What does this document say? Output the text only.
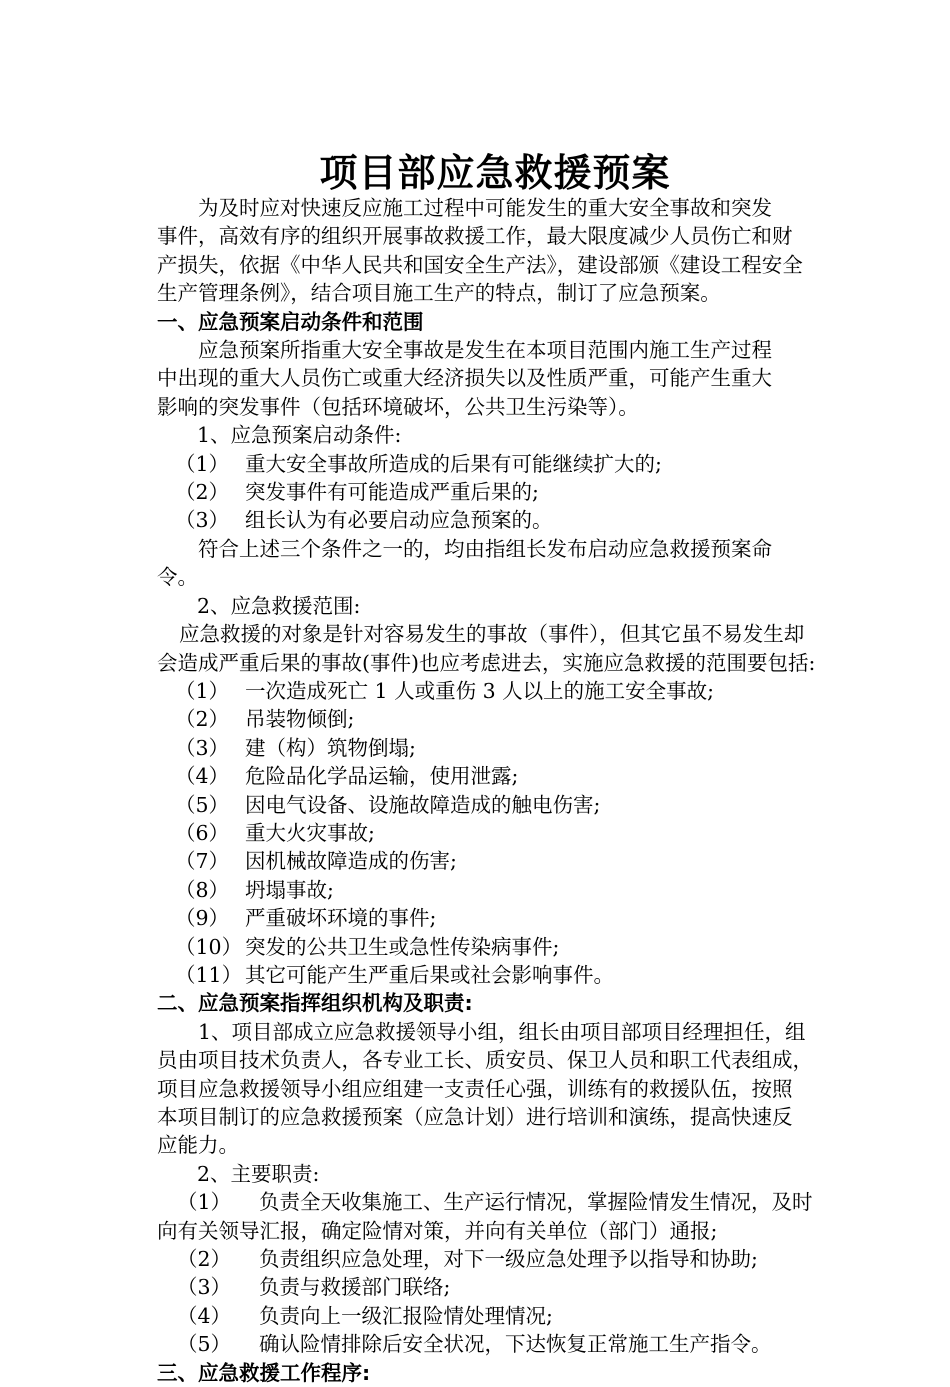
项目部应急救援预案

为及时应对快速反应施工过程中可能发生的重大安全事故和突发

事件，高效有序的组织开展事故救援工作，最大限度减少人员伤亡和财

产损失，依据《中华人民共和国安全生产法》，建设部颁《建设工程安全

生产管理条例》，结合项目施工生产的特点，制订了应急预案。

一、应急预案启动条件和范围

应急预案所指重大安全事故是发生在本项目范围内施工生产过程

中出现的重大人员伤亡或重大经济损失以及性质严重，可能产生重大

影响的突发事件（包括环境破坏，公共卫生污染等）。

1、应急预案启动条件:

（1） 重大安全事故所造成的后果有可能继续扩大的;

（2） 突发事件有可能造成严重后果的;

（3） 组长认为有必要启动应急预案的。

符合上述三个条件之一的，均由指组长发布启动应急救援预案命

令。

2、应急救援范围:

应急救援的对象是针对容易发生的事故（事件），但其它虽不易发生却

会造成严重后果的事故(事件)也应考虑进去，实施应急救援的范围要包括:

（1） 一次造成死亡 1 人或重伤 3 人以上的施工安全事故;

（2） 吊装物倾倒;

（3） 建（构）筑物倒塌;

（4） 危险品化学品运输，使用泄露;

（5） 因电气设备、设施故障造成的触电伤害;

（6） 重大火灾事故;

（7） 因机械故障造成的伤害;

（8） 坍塌事故;

（9） 严重破坏环境的事件;

（10） 突发的公共卫生或急性传染病事件;

（11） 其它可能产生严重后果或社会影响事件。

二、应急预案指挥组织机构及职责:

1、项目部成立应急救援领导小组，组长由项目部项目经理担任，组

员由项目技术负责人，各专业工长、质安员、保卫人员和职工代表组成，

项目应急救援领导小组应组建一支责任心强，训练有的救援队伍，按照

本项目制订的应急救援预案（应急计划）进行培训和演练，提高快速反

应能力。

2、主要职责:

（1） 负责全天收集施工、生产运行情况，掌握险情发生情况，及时

向有关领导汇报，确定险情对策，并向有关单位（部门）通报;

（2） 负责组织应急处理，对下一级应急处理予以指导和协助;

（3） 负责与救援部门联络;

（4） 负责向上一级汇报险情处理情况;

（5） 确认险情排除后安全状况，下达恢复正常施工生产指令。

三、应急救援工作程序:
